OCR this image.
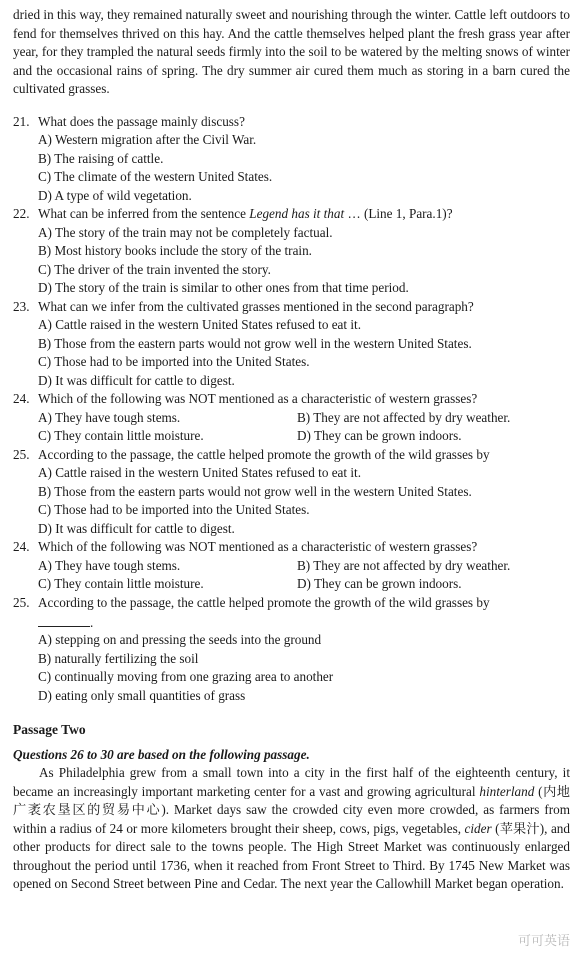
dried in this way, they remained naturally sweet and nourishing through the winter. Cattle left outdoors to fend for themselves thrived on this hay. And the cattle themselves helped plant the fresh grass year after year, for they trampled the natural seeds firmly into the soil to be watered by the melting snows of winter and the occasional rains of spring. The dry summer air cured them much as storing in a barn cured the cultivated grasses.

21. What does the passage mainly discuss?

A) Western migration after the Civil War.

B) The raising of cattle.

C) The climate of the western United States.

D) A type of wild vegetation.

22. What can be inferred from the sentence Legend has it that … (Line 1, Para.1)?

A) The story of the train may not be completely factual.

B) Most history books include the story of the train.

C) The driver of the train invented the story.

D) The story of the train is similar to other ones from that time period.

23. What can we infer from the cultivated grasses mentioned in the second paragraph?

A) Cattle raised in the western United States refused to eat it.

B) Those from the eastern parts would not grow well in the western United States.

C) Those had to be imported into the United States.

D) It was difficult for cattle to digest.

24. Which of the following was NOT mentioned as a characteristic of western grasses?

A) They have tough stems.	B) They are not affected by dry weather.
C) They contain little moisture.	D) They can be grown indoors.

25. According to the passage, the cattle helped promote the growth of the wild grasses by

A) Cattle raised in the western United States refused to eat it.

B) Those from the eastern parts would not grow well in the western United States.

C) Those had to be imported into the United States.

D) It was difficult for cattle to digest.

24. Which of the following was NOT mentioned as a characteristic of western grasses?

A) They have tough stems.	B) They are not affected by dry weather.
C) They contain little moisture.	D) They can be grown indoors.

25. According to the passage, the cattle helped promote the growth of the wild grasses by

.

A) stepping on and pressing the seeds into the ground

B) naturally fertilizing the soil

C) continually moving from one grazing area to another

D) eating only small quantities of grass

Passage Two

Questions 26 to 30 are based on the following passage.

As Philadelphia grew from a small town into a city in the first half of the eighteenth century, it became an increasingly important marketing center for a vast and growing agricultural hinterland (内地广袤农垦区的贸易中心). Market days saw the crowded city even more crowded, as farmers from within a radius of 24 or more kilometers brought their sheep, cows, pigs, vegetables, cider (苹果汁), and other products for direct sale to the towns people. The High Street Market was continuously enlarged throughout the period until 1736, when it reached from Front Street to Third. By 1745 New Market was opened on Second Street between Pine and Cedar. The next year the Callowhill Market began operation.

可可英语
